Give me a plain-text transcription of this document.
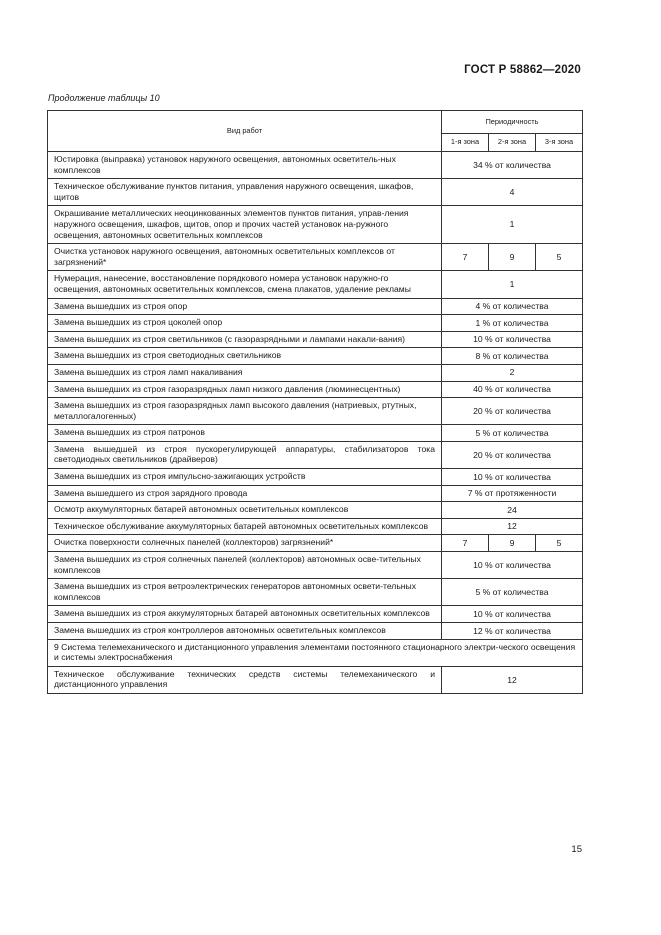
ГОСТ Р 58862—2020
Продолжение таблицы 10
Вид работ	Периодичность		
	1-я зона	2-я зона	3-я зона
Юстировка (выправка) установок наружного освещения, автономных осветитель-ных комплексов	34 % от количества		
Техническое обслуживание пунктов питания, управления наружного освещения, шкафов, щитов	4		
Окрашивание металлических неоцинкованных элементов пунктов питания, управ-ления наружного освещения, шкафов, щитов, опор и прочих частей установок на-ружного освещения, автономных осветительных комплексов	1		
Очистка установок наружного освещения, автономных осветительных комплексов от загрязнений*	7	9	5
Нумерация, нанесение, восстановление порядкового номера установок наружно-го освещения, автономных осветительных комплексов, смена плакатов, удаление рекламы	1		
Замена вышедших из строя опор	4 % от количества		
Замена вышедших из строя цоколей опор	1 % от количества		
Замена вышедших из строя светильников (с газоразрядными и лампами накали-вания)	10 % от количества		
Замена вышедших из строя светодиодных светильников	8 % от количества		
Замена вышедших из строя ламп накаливания	2		
Замена вышедших из строя газоразрядных ламп низкого давления (люминесцентных)	40 % от количества		
Замена вышедших из строя газоразрядных ламп высокого давления (натриевых, ртутных, металлогалогенных)	20 % от количества		
Замена вышедших из строя патронов	5 % от количества		
Замена вышедшей из строя пускорегулирующей аппаратуры, стабилизаторов тока светодиодных светильников (драйверов)	20 % от количества		
Замена вышедших из строя импульсно-зажигающих устройств	10 % от количества		
Замена вышедшего из строя зарядного провода	7 % от протяженности		
Осмотр аккумуляторных батарей автономных осветительных комплексов	24		
Техническое обслуживание аккумуляторных батарей автономных осветительных комплексов	12		
Очистка поверхности солнечных панелей (коллекторов) загрязнений*	7	9	5
Замена вышедших из строя солнечных панелей (коллекторов) автономных осве-тительных комплексов	10 % от количества		
Замена вышедших из строя ветроэлектрических генераторов автономных освети-тельных комплексов	5 % от количества		
Замена вышедших из строя аккумуляторных батарей автономных осветительных комплексов	10 % от количества		
Замена вышедших из строя контроллеров автономных осветительных комплексов	12 % от количества		
9 Система телемеханического и дистанционного управления элементами постоянного стационарного электри-ческого освещения и системы электроснабжения			
Техническое обслуживание технических средств системы телемеханического и дистанционного управления	12		
15
